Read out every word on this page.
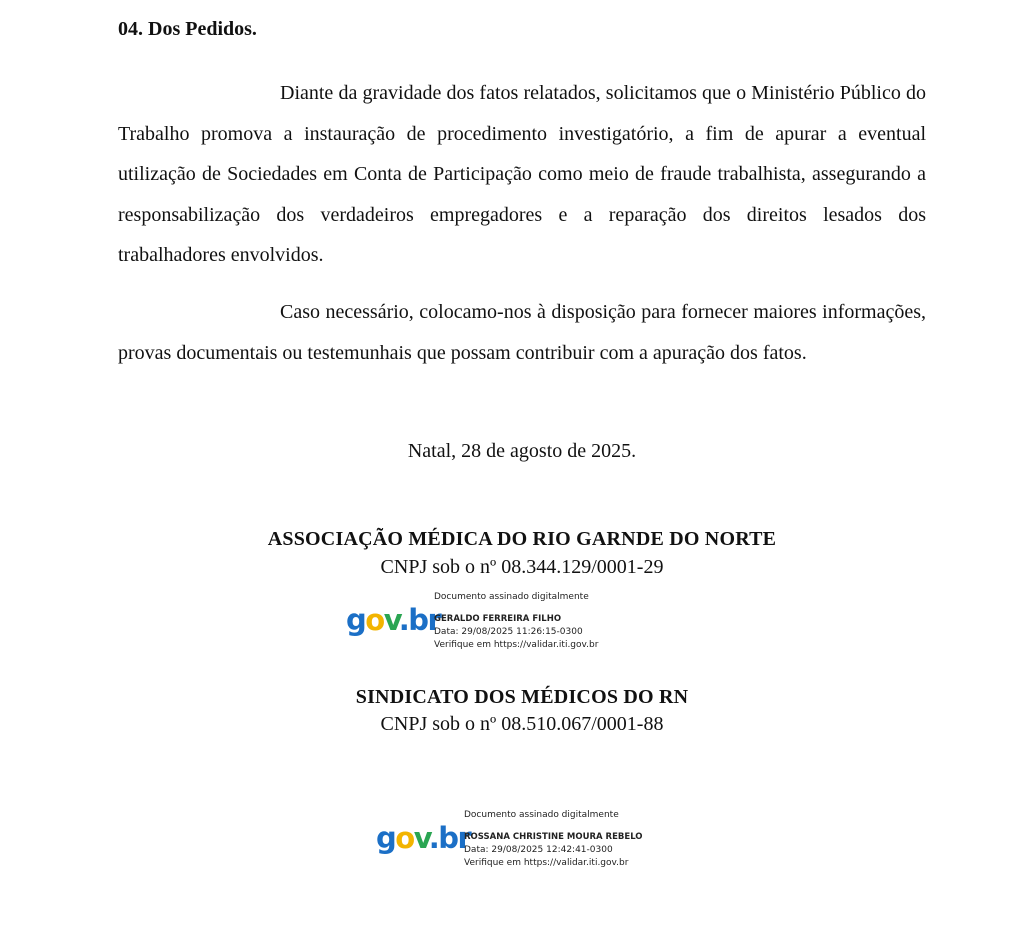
04. Dos Pedidos.

Diante da gravidade dos fatos relatados, solicitamos que o Ministério Público do Trabalho promova a instauração de procedimento investigatório, a fim de apurar a eventual utilização de Sociedades em Conta de Participação como meio de fraude trabalhista, assegurando a responsabilização dos verdadeiros empregadores e a reparação dos direitos lesados dos trabalhadores envolvidos.

Caso necessário, colocamo-nos à disposição para fornecer maiores informações, provas documentais ou testemunhais que possam contribuir com a apuração dos fatos.

Natal, 28 de agosto de 2025.

ASSOCIAÇÃO MÉDICA DO RIO GARNDE DO NORTE

CNPJ sob o nº 08.344.129/0001-29

gov.br
Documento assinado digitalmente
GERALDO FERREIRA FILHO
Data: 29/08/2025 11:26:15-0300
Verifique em https://validar.iti.gov.br

SINDICATO DOS MÉDICOS DO RN

CNPJ sob o nº 08.510.067/0001-88

gov.br
Documento assinado digitalmente
ROSSANA CHRISTINE MOURA REBELO
Data: 29/08/2025 12:42:41-0300
Verifique em https://validar.iti.gov.br
